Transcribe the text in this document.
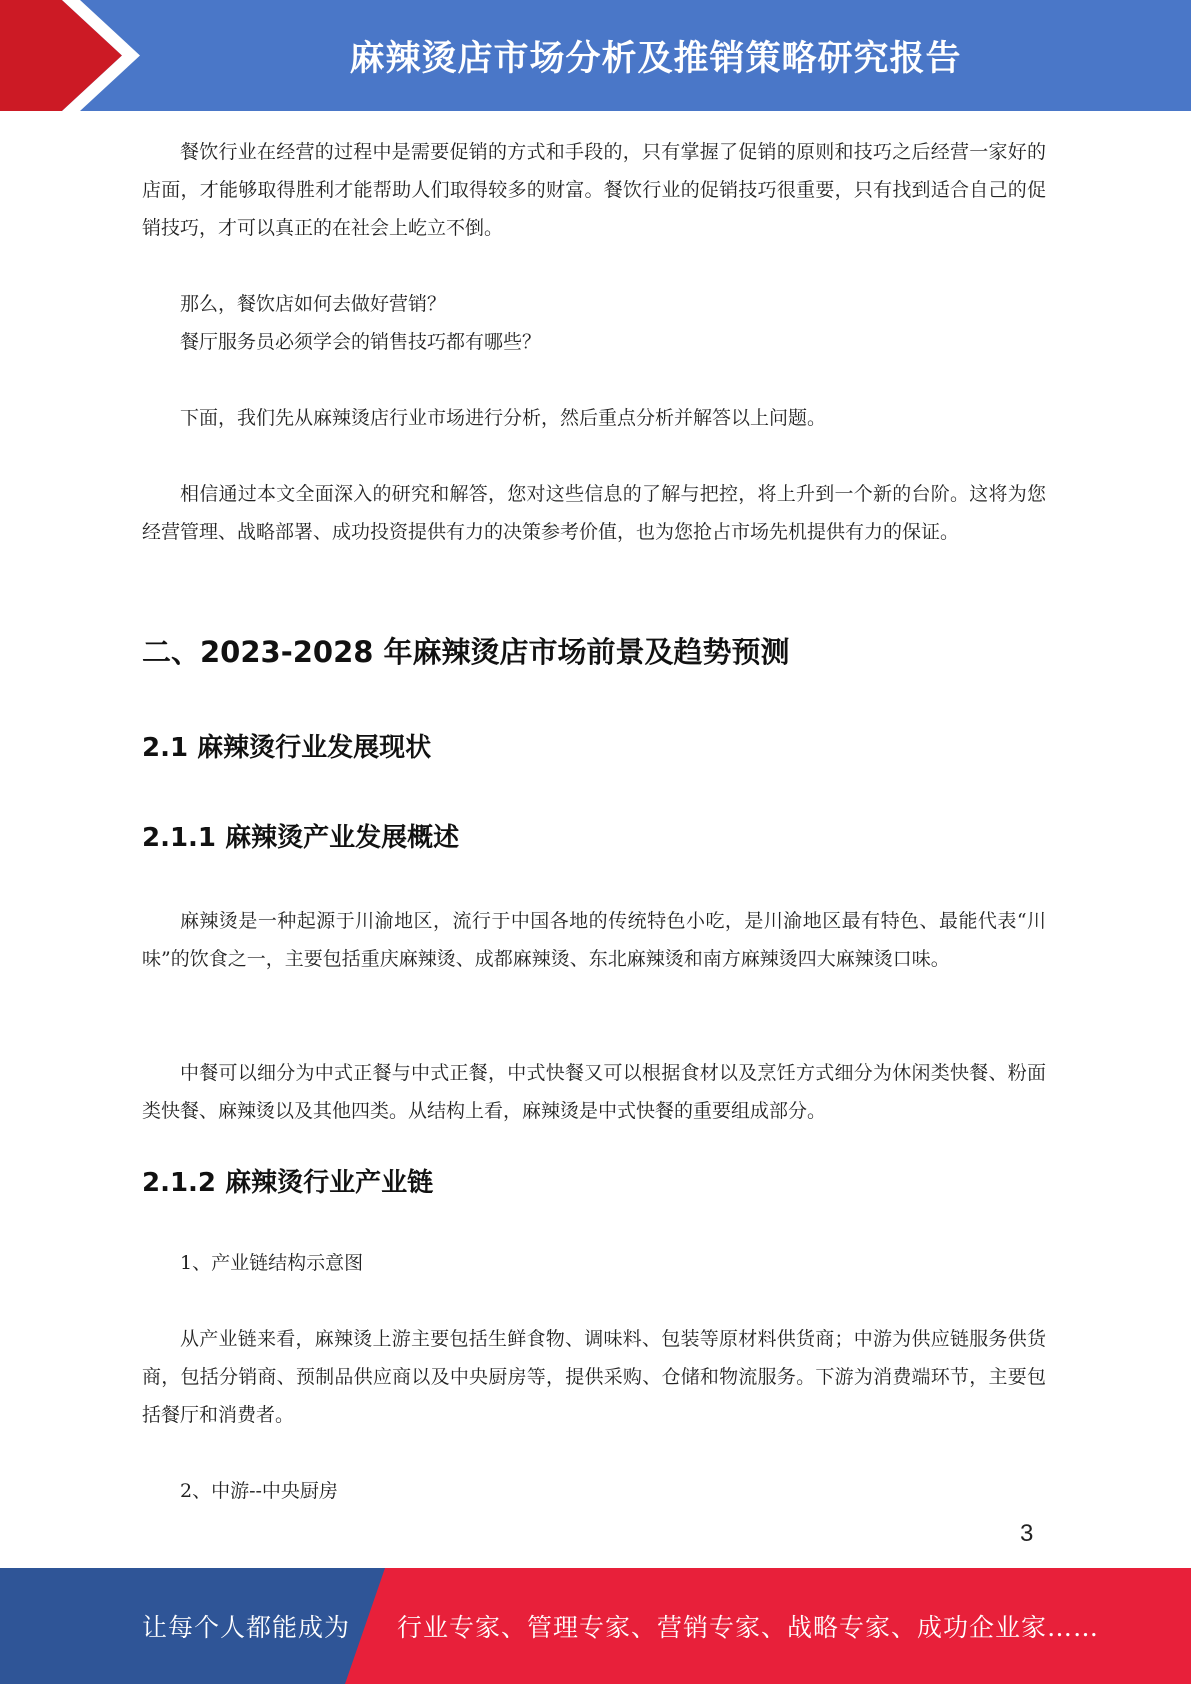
麻辣烫店市场分析及推销策略研究报告

餐饮行业在经营的过程中是需要促销的方式和手段的，只有掌握了促销的原则和技巧之后经营一家好的店面，才能够取得胜利才能帮助人们取得较多的财富。餐饮行业的促销技巧很重要，只有找到适合自己的促销技巧，才可以真正的在社会上屹立不倒。

那么，餐饮店如何去做好营销？

餐厅服务员必须学会的销售技巧都有哪些？

下面，我们先从麻辣烫店行业市场进行分析，然后重点分析并解答以上问题。

相信通过本文全面深入的研究和解答，您对这些信息的了解与把控，将上升到一个新的台阶。这将为您经营管理、战略部署、成功投资提供有力的决策参考价值，也为您抢占市场先机提供有力的保证。

二、2023-2028 年麻辣烫店市场前景及趋势预测
2.1 麻辣烫行业发展现状
2.1.1 麻辣烫产业发展概述

麻辣烫是一种起源于川渝地区，流行于中国各地的传统特色小吃，是川渝地区最有特色、最能代表“川味”的饮食之一，主要包括重庆麻辣烫、成都麻辣烫、东北麻辣烫和南方麻辣烫四大麻辣烫口味。

中餐可以细分为中式正餐与中式正餐，中式快餐又可以根据食材以及烹饪方式细分为休闲类快餐、粉面类快餐、麻辣烫以及其他四类。从结构上看，麻辣烫是中式快餐的重要组成部分。

2.1.2 麻辣烫行业产业链

1、产业链结构示意图

从产业链来看，麻辣烫上游主要包括生鲜食物、调味料、包装等原材料供货商；中游为供应链服务供货商，包括分销商、预制品供应商以及中央厨房等，提供采购、仓储和物流服务。下游为消费端环节，主要包括餐厅和消费者。

2、中游--中央厨房

3
让每个人都能成为 行业专家、管理专家、营销专家、战略专家、成功企业家……
